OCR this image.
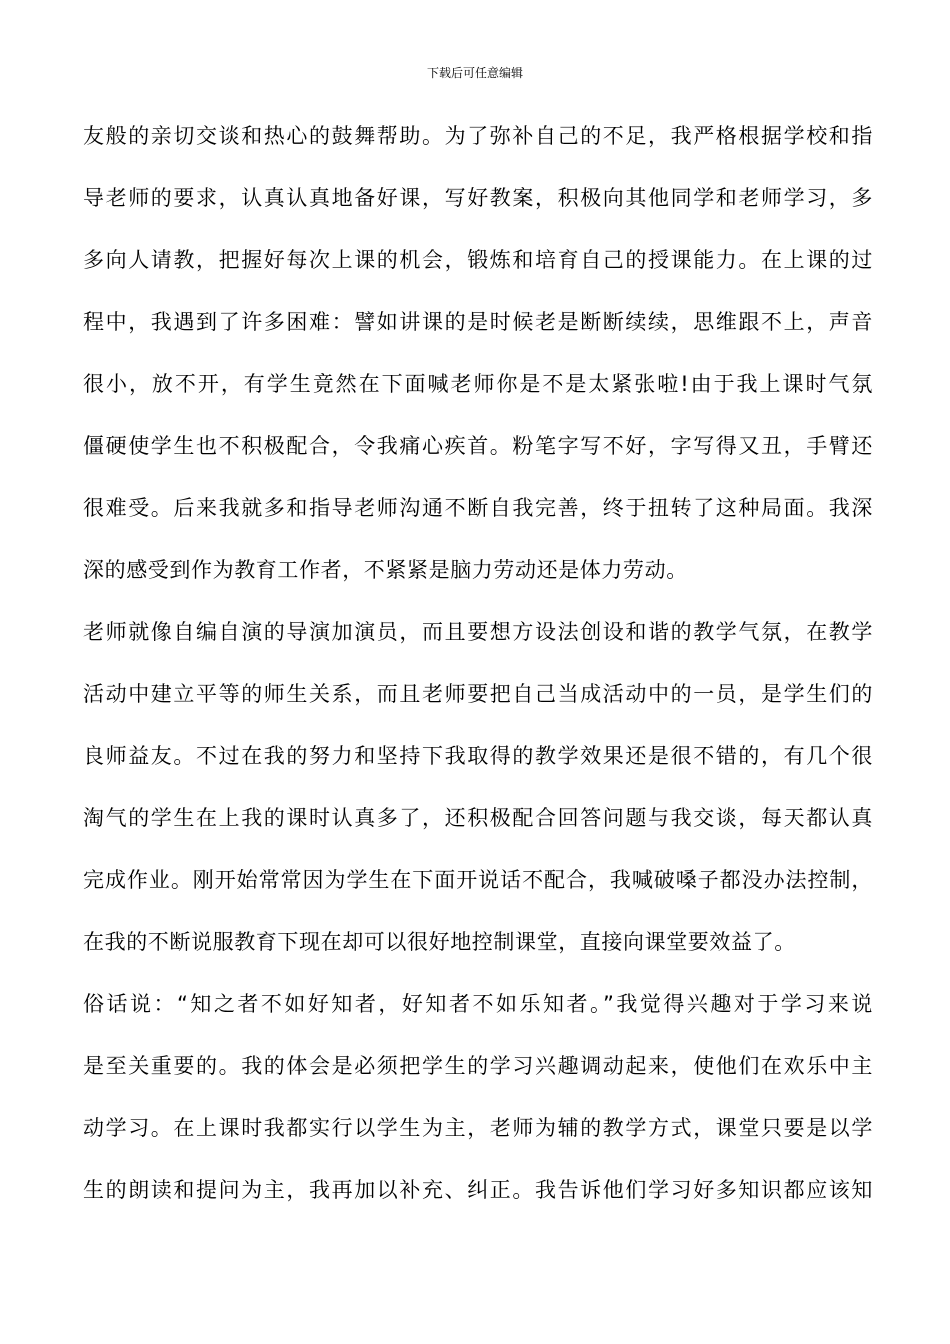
下载后可任意编辑
友般的亲切交谈和热心的鼓舞帮助。为了弥补自己的不足，我严格根据学校和指
导老师的要求，认真认真地备好课，写好教案，积极向其他同学和老师学习，多
多向人请教，把握好每次上课的机会，锻炼和培育自己的授课能力。在上课的过
程中，我遇到了许多困难：譬如讲课的是时候老是断断续续，思维跟不上，声音
很小，放不开，有学生竟然在下面喊老师你是不是太紧张啦!由于我上课时气氛
僵硬使学生也不积极配合，令我痛心疾首。粉笔字写不好，字写得又丑，手臂还
很难受。后来我就多和指导老师沟通不断自我完善，终于扭转了这种局面。我深
深的感受到作为教育工作者，不紧紧是脑力劳动还是体力劳动。
老师就像自编自演的导演加演员，而且要想方设法创设和谐的教学气氛，在教学
活动中建立平等的师生关系，而且老师要把自己当成活动中的一员，是学生们的
良师益友。不过在我的努力和坚持下我取得的教学效果还是很不错的，有几个很
淘气的学生在上我的课时认真多了，还积极配合回答问题与我交谈，每天都认真
完成作业。刚开始常常因为学生在下面开说话不配合，我喊破嗓子都没办法控制，
在我的不断说服教育下现在却可以很好地控制课堂，直接向课堂要效益了。
俗话说：“知之者不如好知者，好知者不如乐知者。”我觉得兴趣对于学习来说
是至关重要的。我的体会是必须把学生的学习兴趣调动起来，使他们在欢乐中主
动学习。在上课时我都实行以学生为主，老师为辅的教学方式，课堂只要是以学
生的朗读和提问为主，我再加以补充、纠正。我告诉他们学习好多知识都应该知
